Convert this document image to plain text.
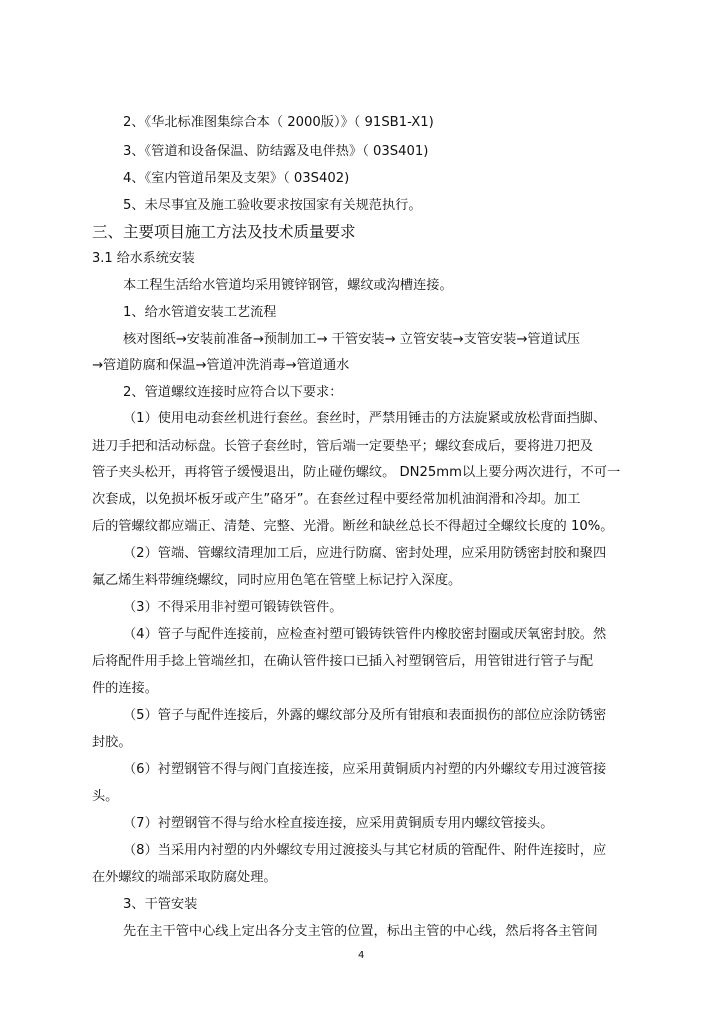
2、《华北标准图集综合本（ 2000版）》（ 91SB1-X1)
3、《管道和设备保温、防结露及电伴热》（ 03S401)
4、《室内管道吊架及支架》（ 03S402)
5、未尽事宜及施工验收要求按国家有关规范执行。
三、主要项目施工方法及技术质量要求
3.1 给水系统安装
本工程生活给水管道均采用镀锌钢管，螺纹或沟槽连接。
1、给水管道安装工艺流程
核对图纸→安装前准备→预制加工→ 干管安装→ 立管安装→支管安装→管道试压
→管道防腐和保温→管道冲洗消毒→管道通水
2、管道螺纹连接时应符合以下要求：
（1）使用电动套丝机进行套丝。套丝时，严禁用锤击的方法旋紧或放松背面挡脚、
进刀手把和活动标盘。长管子套丝时，管后端一定要垫平；螺纹套成后，要将进刀把及
管子夹头松开，再将管子缓慢退出，防止碰伤螺纹。 DN25mm以上要分两次进行，不可一
次套成，以免损坏板牙或产生”硌牙”。在套丝过程中要经常加机油润滑和冷却。加工
后的管螺纹都应端正、清楚、完整、光滑。断丝和缺丝总长不得超过全螺纹长度的 10%。
（2）管端、管螺纹清理加工后，应进行防腐、密封处理，应采用防锈密封胶和聚四
氟乙烯生料带缠绕螺纹，同时应用色笔在管壁上标记拧入深度。
（3）不得采用非衬塑可锻铸铁管件。
（4）管子与配件连接前，应检查衬塑可锻铸铁管件内橡胶密封圈或厌氧密封胶。然
后将配件用手捻上管端丝扣，在确认管件接口已插入衬塑钢管后，用管钳进行管子与配
件的连接。
（5）管子与配件连接后，外露的螺纹部分及所有钳痕和表面损伤的部位应涂防锈密
封胶。
（6）衬塑钢管不得与阀门直接连接，应采用黄铜质内衬塑的内外螺纹专用过渡管接
头。
（7）衬塑钢管不得与给水栓直接连接，应采用黄铜质专用内螺纹管接头。
（8）当采用内衬塑的内外螺纹专用过渡接头与其它材质的管配件、附件连接时，应
在外螺纹的端部采取防腐处理。
3、干管安装
先在主干管中心线上定出各分支主管的位置，标出主管的中心线，然后将各主管间
4
